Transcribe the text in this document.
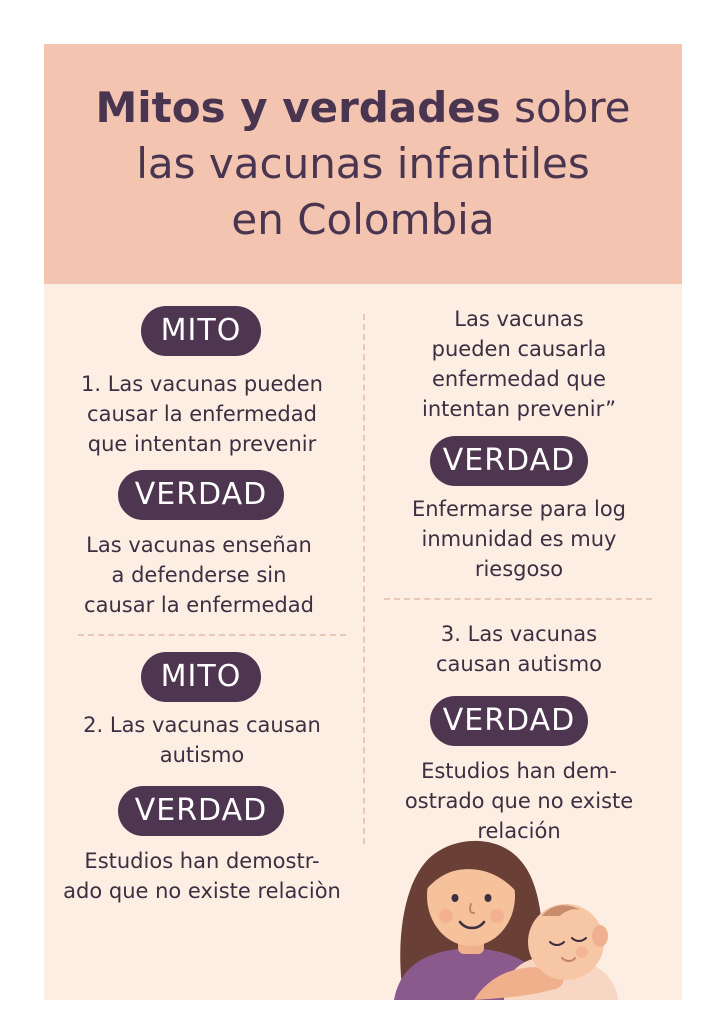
Mitos y verdades sobre
las vacunas infantiles
en Colombia
MITO
1. Las vacunas pueden
causar la enfermedad
que intentan prevenir
VERDAD
Las vacunas enseñan
a defenderse sin
causar la enfermedad
MITO
2. Las vacunas causan
autismo
VERDAD
Estudios han demostr-
ado que no existe relaciòn
Las vacunas
pueden causarla
enfermedad que
intentan prevenir”
VERDAD
Enfermarse para log
inmunidad es muy
riesgoso
3. Las vacunas
causan autismo
VERDAD
Estudios han dem-
ostrado que no existe
relación
